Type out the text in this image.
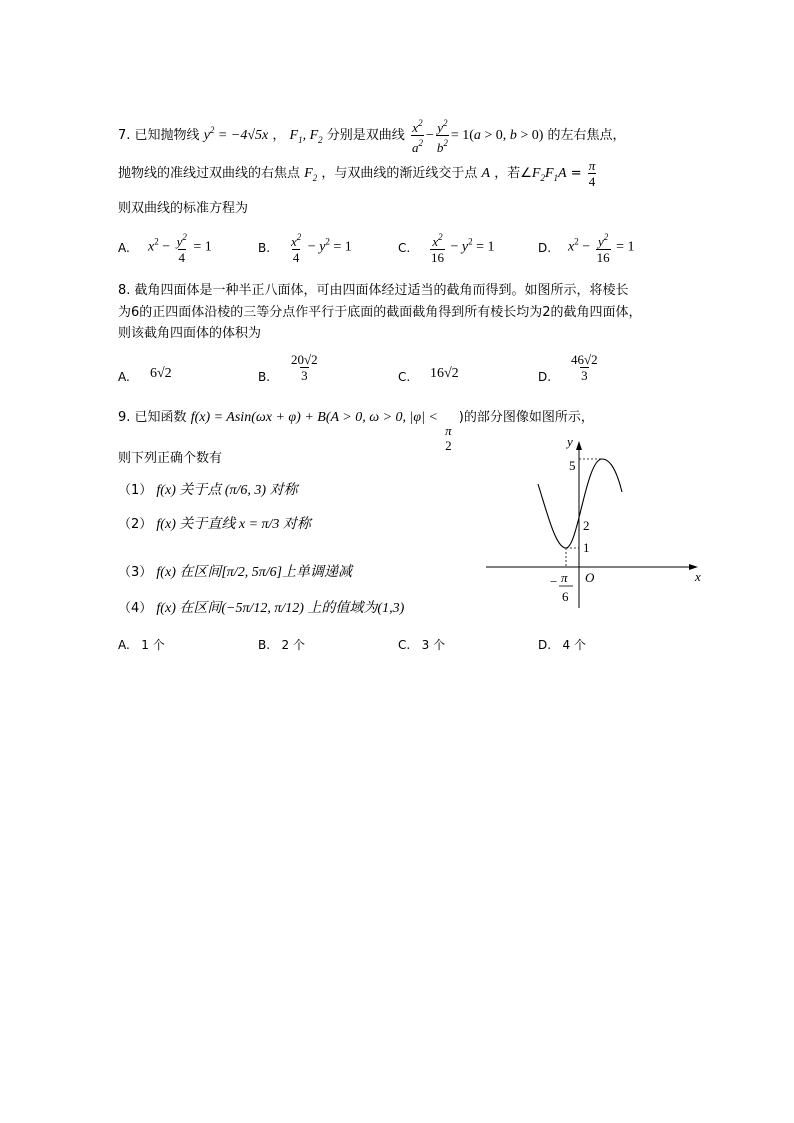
7. 已知抛物线 $y^2 = -4√5x$ ， $F_1$, $F_2$ 分别是双曲线 $\frac{x^2}{a^2} - \frac{y^2}{b^2} = 1(a > 0$, b > 0) 的左右焦点，
抛物线的准线过双曲线的右焦点 $F_2$ ，与双曲线的渐近线交于点 A ，若$\angle F_2F_1A = \frac{\pi}{4}$
则双曲线的标准方程为
A. $x^2 - \frac{y^2}{4} = 1$	B. $\frac{x^2}{4} - y^2 = 1$	C. $\frac{x^2}{16} - y^2 = 1$	D. $x^2 - \frac{y^2}{16} = 1$
8. 截角四面体是一种半正八面体，可由四面体经过适当的截角而得到。如图所示，将棱长
为6的正四面体沿棱的三等分点作平行于底面的截面截角得到所有棱长均为2的截角四面体，
则该截角四面体的体积为
A. 6√2	B. $\frac{20√2}{3}$	C. 16√2	D. $\frac{46√2}{3}$
9. 已知函数 f(x) = Asin(ωx + φ) + B(A > 0, ω > 0, |φ| <
π
2
)的部分图像如图所示，
则下列正确个数有
（1） f(x) 关于点 (π/6, 3) 对称
（2） f(x) 关于直线 x = π/3 对称
（3） f(x) 在区间[π/2, 5π/6]上单调递减
（4） f(x) 在区间(−5π/12, π/12) 上的值域为(1,3)
A. 1 个	B. 2 个	C. 3 个	D. 4 个
y
x
O
5
2
1
− π
6
